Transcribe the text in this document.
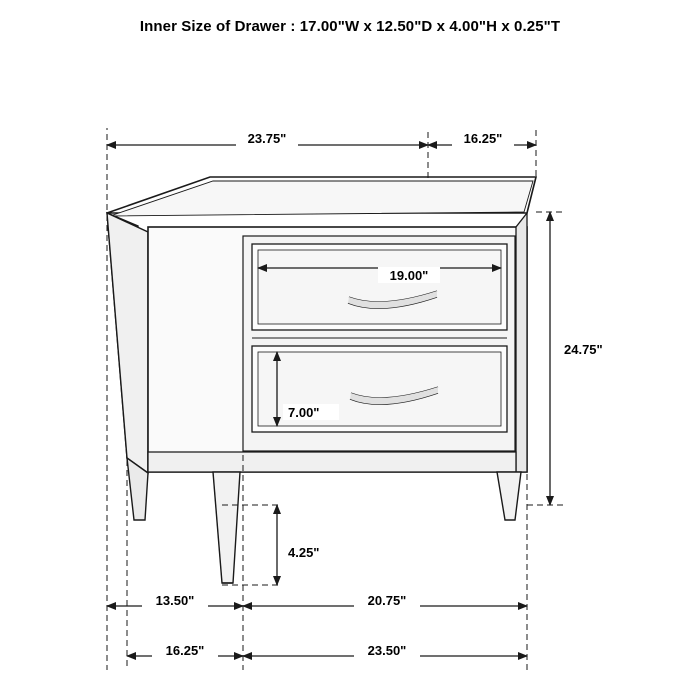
Inner Size of Drawer : 17.00"W x 12.50"D x 4.00"H x 0.25"T
23.75"	16.25"
24.75"
19.00"
7.00"
4.25"
13.50"	20.75"
16.25"	23.50"
